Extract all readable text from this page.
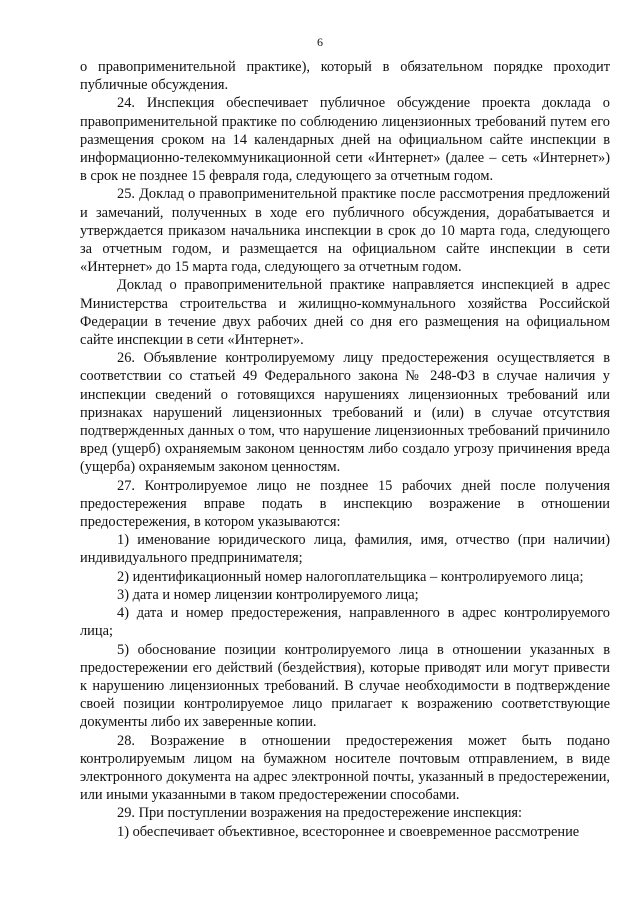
6

о правоприменительной практике), который в обязательном порядке проходит публичные обсуждения.

24. Инспекция обеспечивает публичное обсуждение проекта доклада о правоприменительной практике по соблюдению лицензионных требований путем его размещения сроком на 14 календарных дней на официальном сайте инспекции в информационно-телекоммуникационной сети «Интернет» (далее – сеть «Интернет») в срок не позднее 15 февраля года, следующего за отчетным годом.

25. Доклад о правоприменительной практике после рассмотрения предложений и замечаний, полученных в ходе его публичного обсуждения, дорабатывается и утверждается приказом начальника инспекции в срок до 10 марта года, следующего за отчетным годом, и размещается на официальном сайте инспекции в сети «Интернет» до 15 марта года, следующего за отчетным годом.

Доклад о правоприменительной практике направляется инспекцией в адрес Министерства строительства и жилищно-коммунального хозяйства Российской Федерации в течение двух рабочих дней со дня его размещения на официальном сайте инспекции в сети «Интернет».

26. Объявление контролируемому лицу предостережения осуществляется в соответствии со статьей 49 Федерального закона № 248-ФЗ в случае наличия у инспекции сведений о готовящихся нарушениях лицензионных требований или признаках нарушений лицензионных требований и (или) в случае отсутствия подтвержденных данных о том, что нарушение лицензионных требований причинило вред (ущерб) охраняемым законом ценностям либо создало угрозу причинения вреда (ущерба) охраняемым законом ценностям.

27. Контролируемое лицо не позднее 15 рабочих дней после получения предостережения вправе подать в инспекцию возражение в отношении предостережения, в котором указываются:

1) именование юридического лица, фамилия, имя, отчество (при наличии) индивидуального предпринимателя;

2) идентификационный номер налогоплательщика – контролируемого лица;

3) дата и номер лицензии контролируемого лица;

4) дата и номер предостережения, направленного в адрес контролируемого лица;

5) обоснование позиции контролируемого лица в отношении указанных в предостережении его действий (бездействия), которые приводят или могут привести к нарушению лицензионных требований. В случае необходимости в подтверждение своей позиции контролируемое лицо прилагает к возражению соответствующие документы либо их заверенные копии.

28. Возражение в отношении предостережения может быть подано контролируемым лицом на бумажном носителе почтовым отправлением, в виде электронного документа на адрес электронной почты, указанный в предостережении, или иными указанными в таком предостережении способами.

29. При поступлении возражения на предостережение инспекция:

1) обеспечивает объективное, всестороннее и своевременное рассмотрение
